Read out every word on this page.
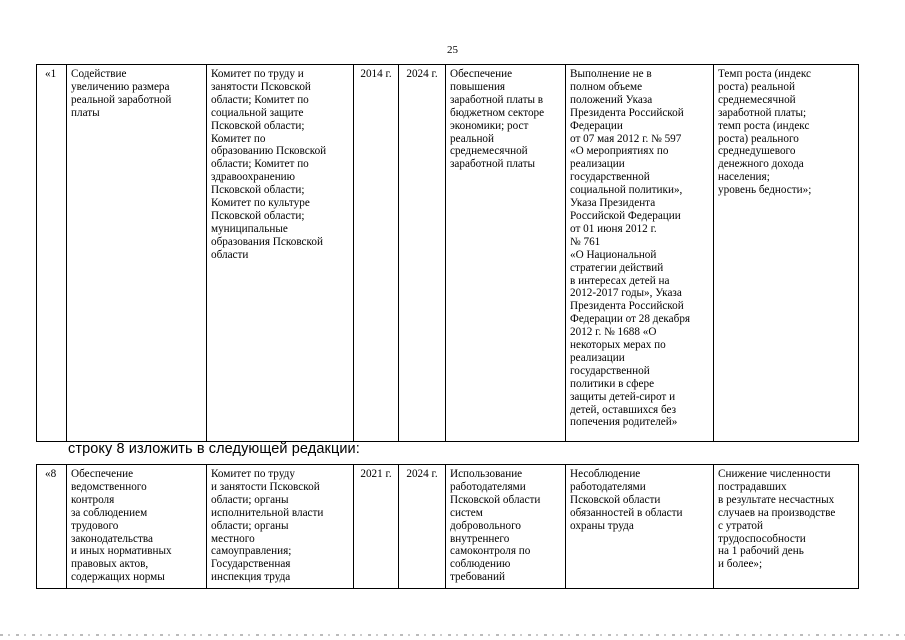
25

«1	Содействие
увеличению размера
реальной заработной
платы

Комитет по труду и
занятости Псковской
области; Комитет по
социальной защите
Псковской области;
Комитет по
образованию Псковской
области; Комитет по
здравоохранению
Псковской области;
Комитет по культуре
Псковской области;
муниципальные
образования Псковской
области

2014 г.	2024 г.	Обеспечение
повышения
заработной платы в
бюджетном секторе
экономики; рост
реальной
среднемесячной
заработной платы

Выполнение не в
полном объеме
положений Указа
Президента Российской
Федерации
от 07 мая 2012 г. № 597
«О мероприятиях по
реализации
государственной
социальной политики»,
Указа Президента
Российской Федерации
от 01 июня 2012 г.
№ 761
«О Национальной
стратегии действий
в интересах детей на
2012-2017 годы», Указа
Президента Российской
Федерации от 28 декабря
2012 г. № 1688 «О
некоторых мерах по
реализации
государственной
политики в сфере
защиты детей-сирот и
детей, оставшихся без
попечения родителей»

Темп роста (индекс
роста) реальной
среднемесячной
заработной платы;
темп роста (индекс
роста) реального
среднедушевого
денежного дохода
населения;
уровень бедности»;

строку 8 изложить в следующей редакции:

«8	Обеспечение
ведомственного
контроля
за соблюдением
трудового
законодательства
и иных нормативных
правовых актов,
содержащих нормы

Комитет по труду
и занятости Псковской
области; органы
исполнительной власти
области; органы
местного
самоуправления;
Государственная
инспекция труда

2021 г.	2024 г.	Использование
работодателями
Псковской области
систем
добровольного
внутреннего
самоконтроля по
соблюдению
требований

Несоблюдение
работодателями
Псковской области
обязанностей в области
охраны труда

Снижение численности
пострадавших
в результате несчастных
случаев на производстве
с утратой
трудоспособности
на 1 рабочий день
и более»;
